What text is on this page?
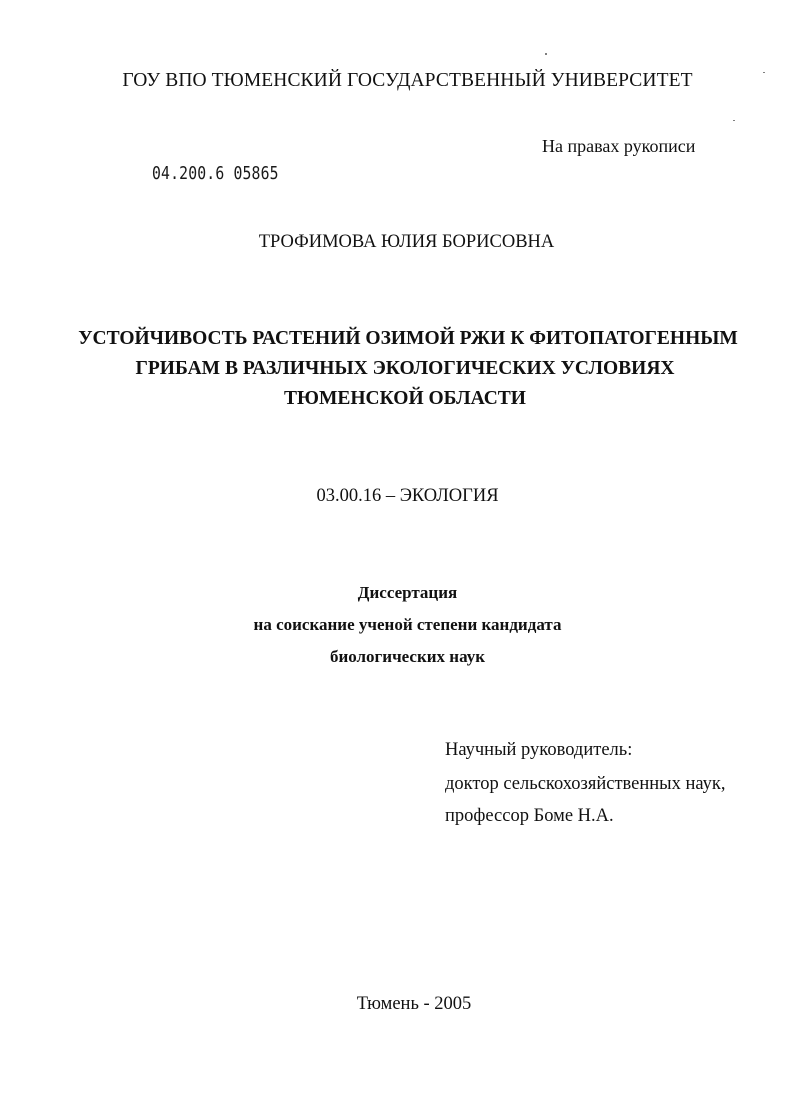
ГОУ ВПО ТЮМЕНСКИЙ ГОСУДАРСТВЕННЫЙ УНИВЕРСИТЕТ
На правах рукописи
04.200.6 05865
ТРОФИМОВА ЮЛИЯ БОРИСОВНА
УСТОЙЧИВОСТЬ РАСТЕНИЙ ОЗИМОЙ РЖИ К ФИТОПАТОГЕННЫМ
ГРИБАМ В РАЗЛИЧНЫХ ЭКОЛОГИЧЕСКИХ УСЛОВИЯХ
ТЮМЕНСКОЙ ОБЛАСТИ
03.00.16 – ЭКОЛОГИЯ
Диссертация
на соискание ученой степени кандидата
биологических наук
Научный руководитель:
доктор сельскохозяйственных наук,
профессор Боме Н.А.
Тюмень - 2005
